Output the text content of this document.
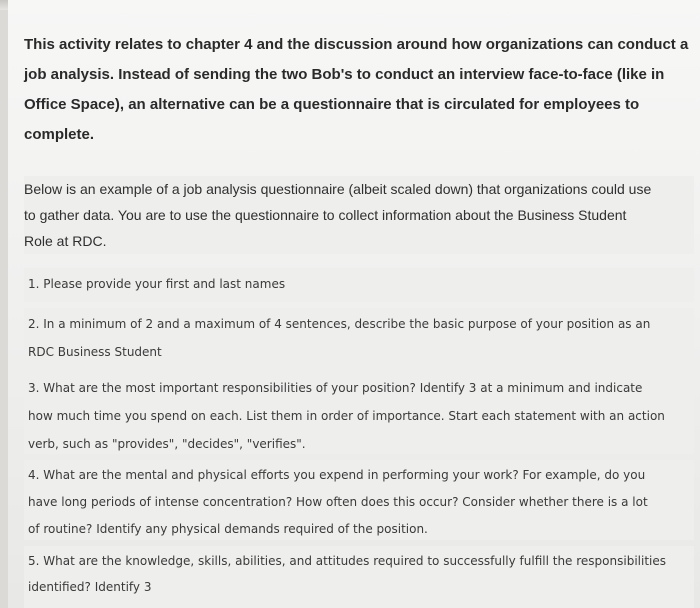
This activity relates to chapter 4 and the discussion around how organizations can conduct a
job analysis. Instead of sending the two Bob's to conduct an interview face-to-face (like in
Office Space), an alternative can be a questionnaire that is circulated for employees to
complete.

Below is an example of a job analysis questionnaire (albeit scaled down) that organizations could use
to gather data. You are to use the questionnaire to collect information about the Business Student
Role at RDC.
1. Please provide your first and last names
2. In a minimum of 2 and a maximum of 4 sentences, describe the basic purpose of your position as an
RDC Business Student
3. What are the most important responsibilities of your position? Identify 3 at a minimum and indicate
how much time you spend on each. List them in order of importance. Start each statement with an action
verb, such as "provides", "decides", "verifies".
4. What are the mental and physical efforts you expend in performing your work? For example, do you
have long periods of intense concentration? How often does this occur? Consider whether there is a lot
of routine? Identify any physical demands required of the position.
5. What are the knowledge, skills, abilities, and attitudes required to successfully fulfill the responsibilities
identified? Identify 3
